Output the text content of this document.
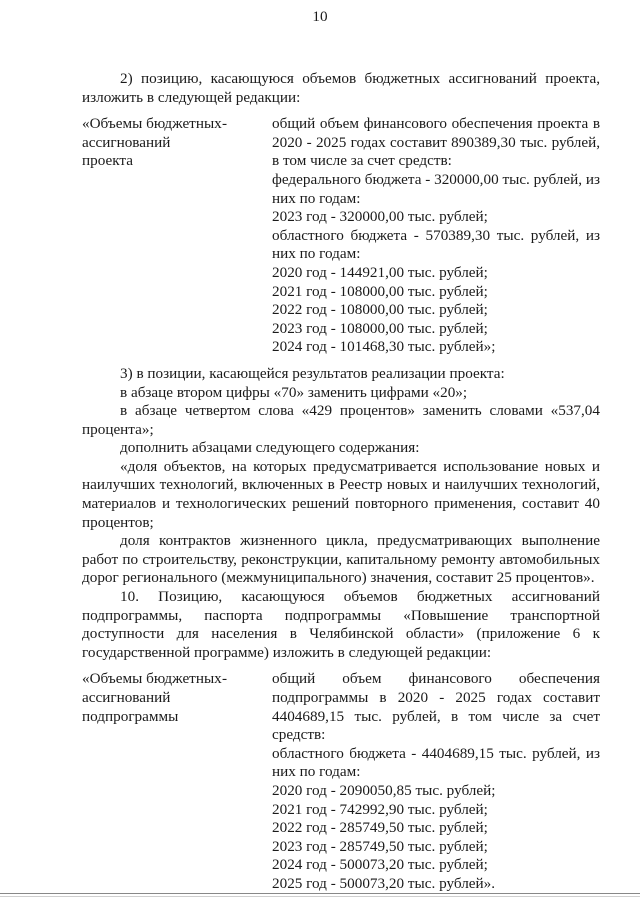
10

2) позицию, касающуюся объемов бюджетных ассигнований проекта, изложить в следующей редакции:

«Объемы бюджетных
ассигнований
проекта
-	общий объем финансового обеспечения проекта в 2020 - 2025 годах составит 890389,30 тыс. рублей, в том числе за счет средств:
федерального бюджета - 320000,00 тыс. рублей, из них по годам:
2023 год - 320000,00 тыс. рублей;
областного бюджета - 570389,30 тыс. рублей, из них по годам:
2020 год - 144921,00 тыс. рублей;
2021 год - 108000,00 тыс. рублей;
2022 год - 108000,00 тыс. рублей;
2023 год - 108000,00 тыс. рублей;
2024 год - 101468,30 тыс. рублей»;

3) в позиции, касающейся результатов реализации проекта:

в абзаце втором цифры «70» заменить цифрами «20»;

в абзаце четвертом слова «429 процентов» заменить словами «537,04 процента»;

дополнить абзацами следующего содержания:

«доля объектов, на которых предусматривается использование новых и наилучших технологий, включенных в Реестр новых и наилучших технологий, материалов и технологических решений повторного применения, составит 40 процентов;

доля контрактов жизненного цикла, предусматривающих выполнение работ по строительству, реконструкции, капитальному ремонту автомобильных дорог регионального (межмуниципального) значения, составит 25 процентов».

10. Позицию, касающуюся объемов бюджетных ассигнований подпрограммы, паспорта подпрограммы «Повышение транспортной доступности для населения в Челябинской области» (приложение 6 к государственной программе) изложить в следующей редакции:

«Объемы бюджетных
ассигнований
подпрограммы
-	общий объем финансового обеспечения подпрограммы в 2020 - 2025 годах составит 4404689,15 тыс. рублей, в том числе за счет средств:
областного бюджета - 4404689,15 тыс. рублей, из них по годам:
2020 год - 2090050,85 тыс. рублей;
2021 год - 742992,90 тыс. рублей;
2022 год - 285749,50 тыс. рублей;
2023 год - 285749,50 тыс. рублей;
2024 год - 500073,20 тыс. рублей;
2025 год - 500073,20 тыс. рублей».
